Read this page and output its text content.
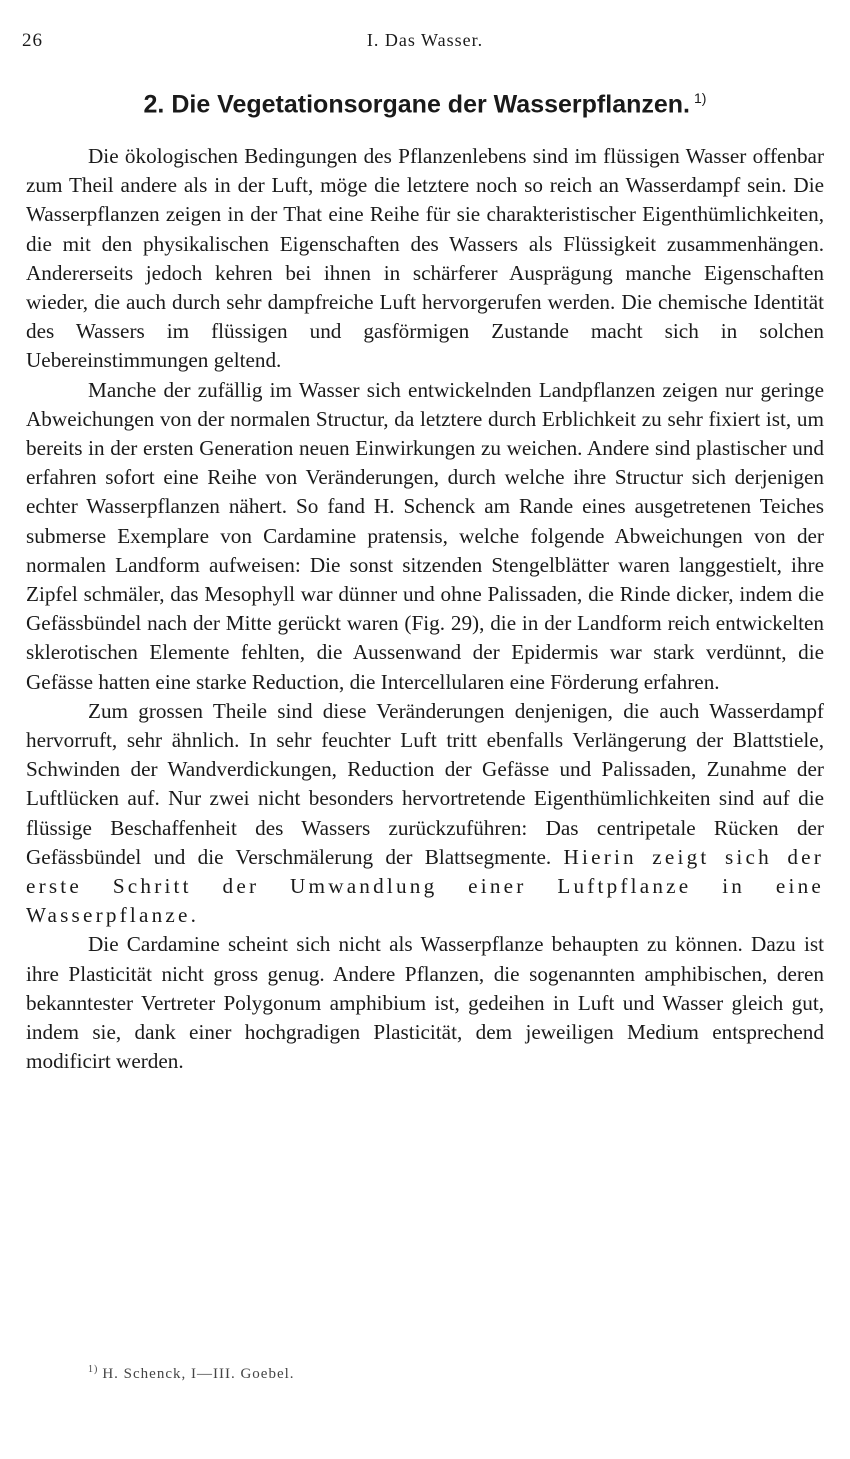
26	I. Das Wasser.
2. Die Vegetationsorgane der Wasserpflanzen. $^{1)}$

Die ökologischen Bedingungen des Pflanzenlebens sind im flüssigen Wasser offenbar zum Theil andere als in der Luft, möge die letztere noch so reich an Wasserdampf sein. Die Wasserpflanzen zeigen in der That eine Reihe für sie charakteristischer Eigenthümlichkeiten, die mit den physikalischen Eigenschaften des Wassers als Flüssigkeit zusammenhängen. Andererseits jedoch kehren bei ihnen in schärferer Ausprägung manche Eigenschaften wieder, die auch durch sehr dampfreiche Luft hervorgerufen werden. Die chemische Identität des Wassers im flüssigen und gasförmigen Zustande macht sich in solchen Uebereinstimmungen geltend.

Manche der zufällig im Wasser sich entwickelnden Landpflanzen zeigen nur geringe Abweichungen von der normalen Structur, da letztere durch Erblichkeit zu sehr fixiert ist, um bereits in der ersten Generation neuen Einwirkungen zu weichen. Andere sind plastischer und erfahren sofort eine Reihe von Veränderungen, durch welche ihre Structur sich derjenigen echter Wasserpflanzen nähert. So fand H. Schenck am Rande eines ausgetretenen Teiches submerse Exemplare von Cardamine pratensis, welche folgende Abweichungen von der normalen Landform aufweisen: Die sonst sitzenden Stengelblätter waren langgestielt, ihre Zipfel schmäler, das Mesophyll war dünner und ohne Palissaden, die Rinde dicker, indem die Gefässbündel nach der Mitte gerückt waren (Fig. 29), die in der Landform reich entwickelten sklerotischen Elemente fehlten, die Aussenwand der Epidermis war stark verdünnt, die Gefässe hatten eine starke Reduction, die Intercellularen eine Förderung erfahren.

Zum grossen Theile sind diese Veränderungen denjenigen, die auch Wasserdampf hervorruft, sehr ähnlich. In sehr feuchter Luft tritt ebenfalls Verlängerung der Blattstiele, Schwinden der Wandverdickungen, Reduction der Gefässe und Palissaden, Zunahme der Luftlücken auf. Nur zwei nicht besonders hervortretende Eigenthümlichkeiten sind auf die flüssige Beschaffenheit des Wassers zurückzuführen: Das centripetale Rücken der Gefässbündel und die Verschmälerung der Blattsegmente. Hierin zeigt sich der erste Schritt der Umwandlung einer Luftpflanze in eine Wasserpflanze.

Die Cardamine scheint sich nicht als Wasserpflanze behaupten zu können. Dazu ist ihre Plasticität nicht gross genug. Andere Pflanzen, die sogenannten amphibischen, deren bekanntester Vertreter Polygonum amphibium ist, gedeihen in Luft und Wasser gleich gut, indem sie, dank einer hochgradigen Plasticität, dem jeweiligen Medium entsprechend modificirt werden.

$^{1)}$ H. Schenck, I—III. Goebel.
